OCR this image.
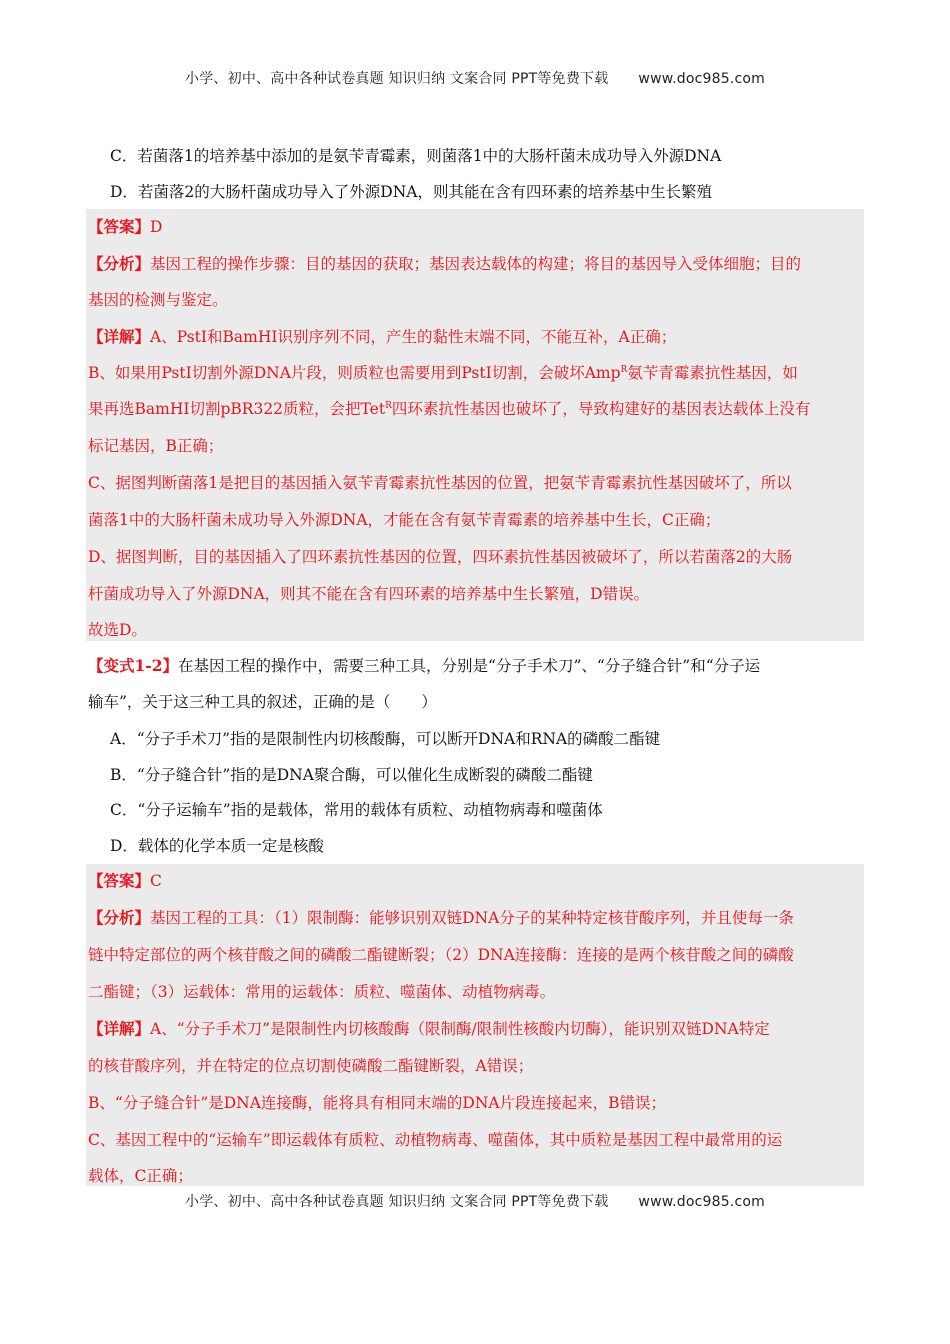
小学、初中、高中各种试卷真题 知识归纳 文案合同 PPT等免费下载 www.doc985.com
C．若菌落1的培养基中添加的是氨苄青霉素，则菌落1中的大肠杆菌未成功导入外源DNA
D．若菌落2的大肠杆菌成功导入了外源DNA，则其能在含有四环素的培养基中生长繁殖
【答案】D
【分析】基因工程的操作步骤：目的基因的获取；基因表达载体的构建；将目的基因导入受体细胞；目的
基因的检测与鉴定。
【详解】A、PstI和BamHI识别序列不同，产生的黏性末端不同，不能互补，A正确；
B、如果用PstI切割外源DNA片段，则质粒也需要用到PstI切割，会破坏Amp$^R$氨苄青霉素抗性基因，如
果再选BamHI切割pBR322质粒，会把Tet$^R$四环素抗性基因也破坏了，导致构建好的基因表达载体上没有
标记基因，B正确；
C、据图判断菌落1是把目的基因插入氨苄青霉素抗性基因的位置，把氨苄青霉素抗性基因破坏了，所以
菌落1中的大肠杆菌未成功导入外源DNA，才能在含有氨苄青霉素的培养基中生长，C正确；
D、据图判断，目的基因插入了四环素抗性基因的位置，四环素抗性基因被破坏了，所以若菌落2的大肠
杆菌成功导入了外源DNA，则其不能在含有四环素的培养基中生长繁殖，D错误。
故选D。
【变式1-2】在基因工程的操作中，需要三种工具，分别是“分子手术刀”、“分子缝合针”和“分子运
输车”，关于这三种工具的叙述，正确的是（　　）
A．“分子手术刀”指的是限制性内切核酸酶，可以断开DNA和RNA的磷酸二酯键
B．“分子缝合针”指的是DNA聚合酶，可以催化生成断裂的磷酸二酯键
C．“分子运输车”指的是载体，常用的载体有质粒、动植物病毒和噬菌体
D．载体的化学本质一定是核酸
【答案】C
【分析】基因工程的工具：（1）限制酶：能够识别双链DNA分子的某种特定核苷酸序列，并且使每一条
链中特定部位的两个核苷酸之间的磷酸二酯键断裂；（2）DNA连接酶：连接的是两个核苷酸之间的磷酸
二酯键；（3）运载体：常用的运载体：质粒、噬菌体、动植物病毒。
【详解】A、“分子手术刀”是限制性内切核酸酶（限制酶/限制性核酸内切酶），能识别双链DNA特定
的核苷酸序列，并在特定的位点切割使磷酸二酯键断裂，A错误；
B、“分子缝合针”是DNA连接酶，能将具有相同末端的DNA片段连接起来，B错误；
C、基因工程中的“运输车”即运载体有质粒、动植物病毒、噬菌体，其中质粒是基因工程中最常用的运
载体，C正确；
小学、初中、高中各种试卷真题 知识归纳 文案合同 PPT等免费下载 www.doc985.com
